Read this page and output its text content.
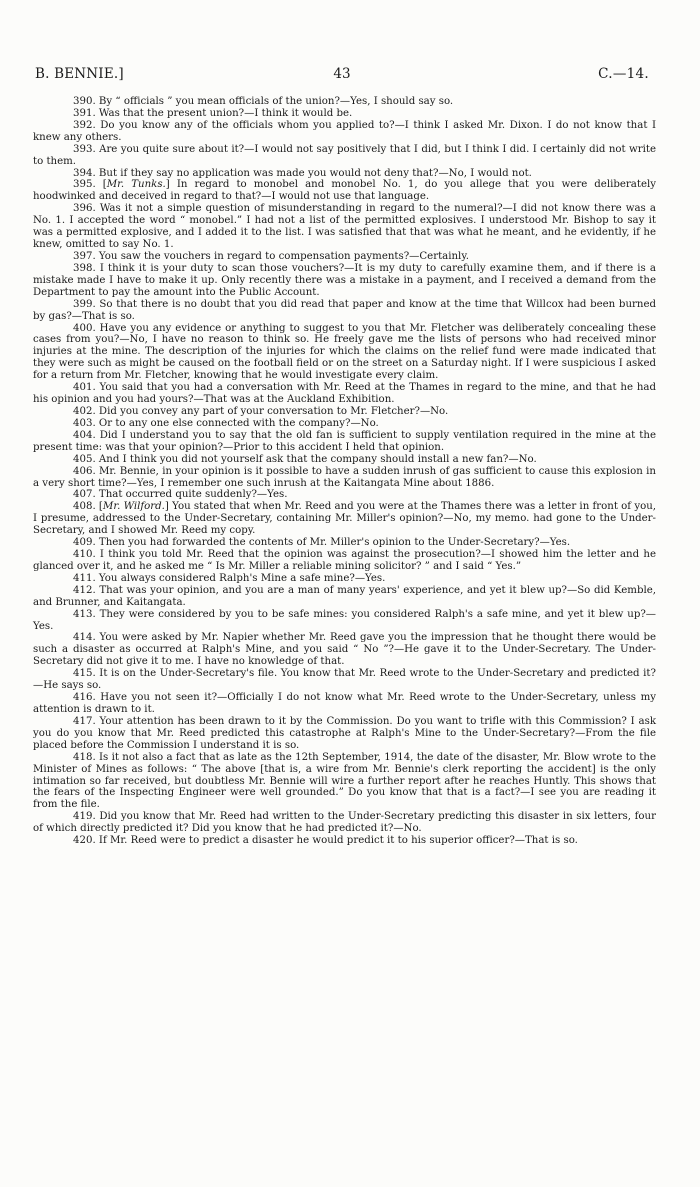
B. BENNIE.]	43	C.—14.

390. By “ officials ” you mean officials of the union?—Yes, I should say so.

391. Was that the present union?—I think it would be.

392. Do you know any of the officials whom you applied to?—I think I asked Mr. Dixon. I do not know that I knew any others.

393. Are you quite sure about it?—I would not say positively that I did, but I think I did. I certainly did not write to them.

394. But if they say no application was made you would not deny that?—No, I would not.

395. [Mr. Tunks.] In regard to monobel and monobel No. 1, do you allege that you were deliberately hoodwinked and deceived in regard to that?—I would not use that language.

396. Was it not a simple question of misunderstanding in regard to the numeral?—I did not know there was a No. 1. I accepted the word “ monobel.” I had not a list of the permitted explosives. I understood Mr. Bishop to say it was a permitted explosive, and I added it to the list. I was satisfied that that was what he meant, and he evidently, if he knew, omitted to say No. 1.

397. You saw the vouchers in regard to compensation payments?—Certainly.

398. I think it is your duty to scan those vouchers?—It is my duty to carefully examine them, and if there is a mistake made I have to make it up. Only recently there was a mistake in a payment, and I received a demand from the Department to pay the amount into the Public Account.

399. So that there is no doubt that you did read that paper and know at the time that Willcox had been burned by gas?—That is so.

400. Have you any evidence or anything to suggest to you that Mr. Fletcher was deliberately concealing these cases from you?—No, I have no reason to think so. He freely gave me the lists of persons who had received minor injuries at the mine. The description of the injuries for which the claims on the relief fund were made indicated that they were such as might be caused on the football field or on the street on a Saturday night. If I were suspicious I asked for a return from Mr. Fletcher, knowing that he would investigate every claim.

401. You said that you had a conversation with Mr. Reed at the Thames in regard to the mine, and that he had his opinion and you had yours?—That was at the Auckland Exhibition.

402. Did you convey any part of your conversation to Mr. Fletcher?—No.

403. Or to any one else connected with the company?—No.

404. Did I understand you to say that the old fan is sufficient to supply ventilation required in the mine at the present time: was that your opinion?—Prior to this accident I held that opinion.

405. And I think you did not yourself ask that the company should install a new fan?—No.

406. Mr. Bennie, in your opinion is it possible to have a sudden inrush of gas sufficient to cause this explosion in a very short time?—Yes, I remember one such inrush at the Kaitangata Mine about 1886.

407. That occurred quite suddenly?—Yes.

408. [Mr. Wilford.] You stated that when Mr. Reed and you were at the Thames there was a letter in front of you, I presume, addressed to the Under-Secretary, containing Mr. Miller's opinion?—No, my memo. had gone to the Under-Secretary, and I showed Mr. Reed my copy.

409. Then you had forwarded the contents of Mr. Miller's opinion to the Under-Secretary?—Yes.

410. I think you told Mr. Reed that the opinion was against the prosecution?—I showed him the letter and he glanced over it, and he asked me “ Is Mr. Miller a reliable mining solicitor? ” and I said “ Yes.”

411. You always considered Ralph's Mine a safe mine?—Yes.

412. That was your opinion, and you are a man of many years' experience, and yet it blew up?—So did Kemble, and Brunner, and Kaitangata.

413. They were considered by you to be safe mines: you considered Ralph's a safe mine, and yet it blew up?—Yes.

414. You were asked by Mr. Napier whether Mr. Reed gave you the impression that he thought there would be such a disaster as occurred at Ralph's Mine, and you said “ No ”?—He gave it to the Under-Secretary. The Under-Secretary did not give it to me. I have no knowledge of that.

415. It is on the Under-Secretary's file. You know that Mr. Reed wrote to the Under-Secretary and predicted it?—He says so.

416. Have you not seen it?—Officially I do not know what Mr. Reed wrote to the Under-Secretary, unless my attention is drawn to it.

417. Your attention has been drawn to it by the Commission. Do you want to trifle with this Commission? I ask you do you know that Mr. Reed predicted this catastrophe at Ralph's Mine to the Under-Secretary?—From the file placed before the Commission I understand it is so.

418. Is it not also a fact that as late as the 12th September, 1914, the date of the disaster, Mr. Blow wrote to the Minister of Mines as follows: “ The above [that is, a wire from Mr. Bennie's clerk reporting the accident] is the only intimation so far received, but doubtless Mr. Bennie will wire a further report after he reaches Huntly. This shows that the fears of the Inspecting Engineer were well grounded.” Do you know that that is a fact?—I see you are reading it from the file.

419. Did you know that Mr. Reed had written to the Under-Secretary predicting this disaster in six letters, four of which directly predicted it? Did you know that he had predicted it?—No.

420. If Mr. Reed were to predict a disaster he would predict it to his superior officer?—That is so.
